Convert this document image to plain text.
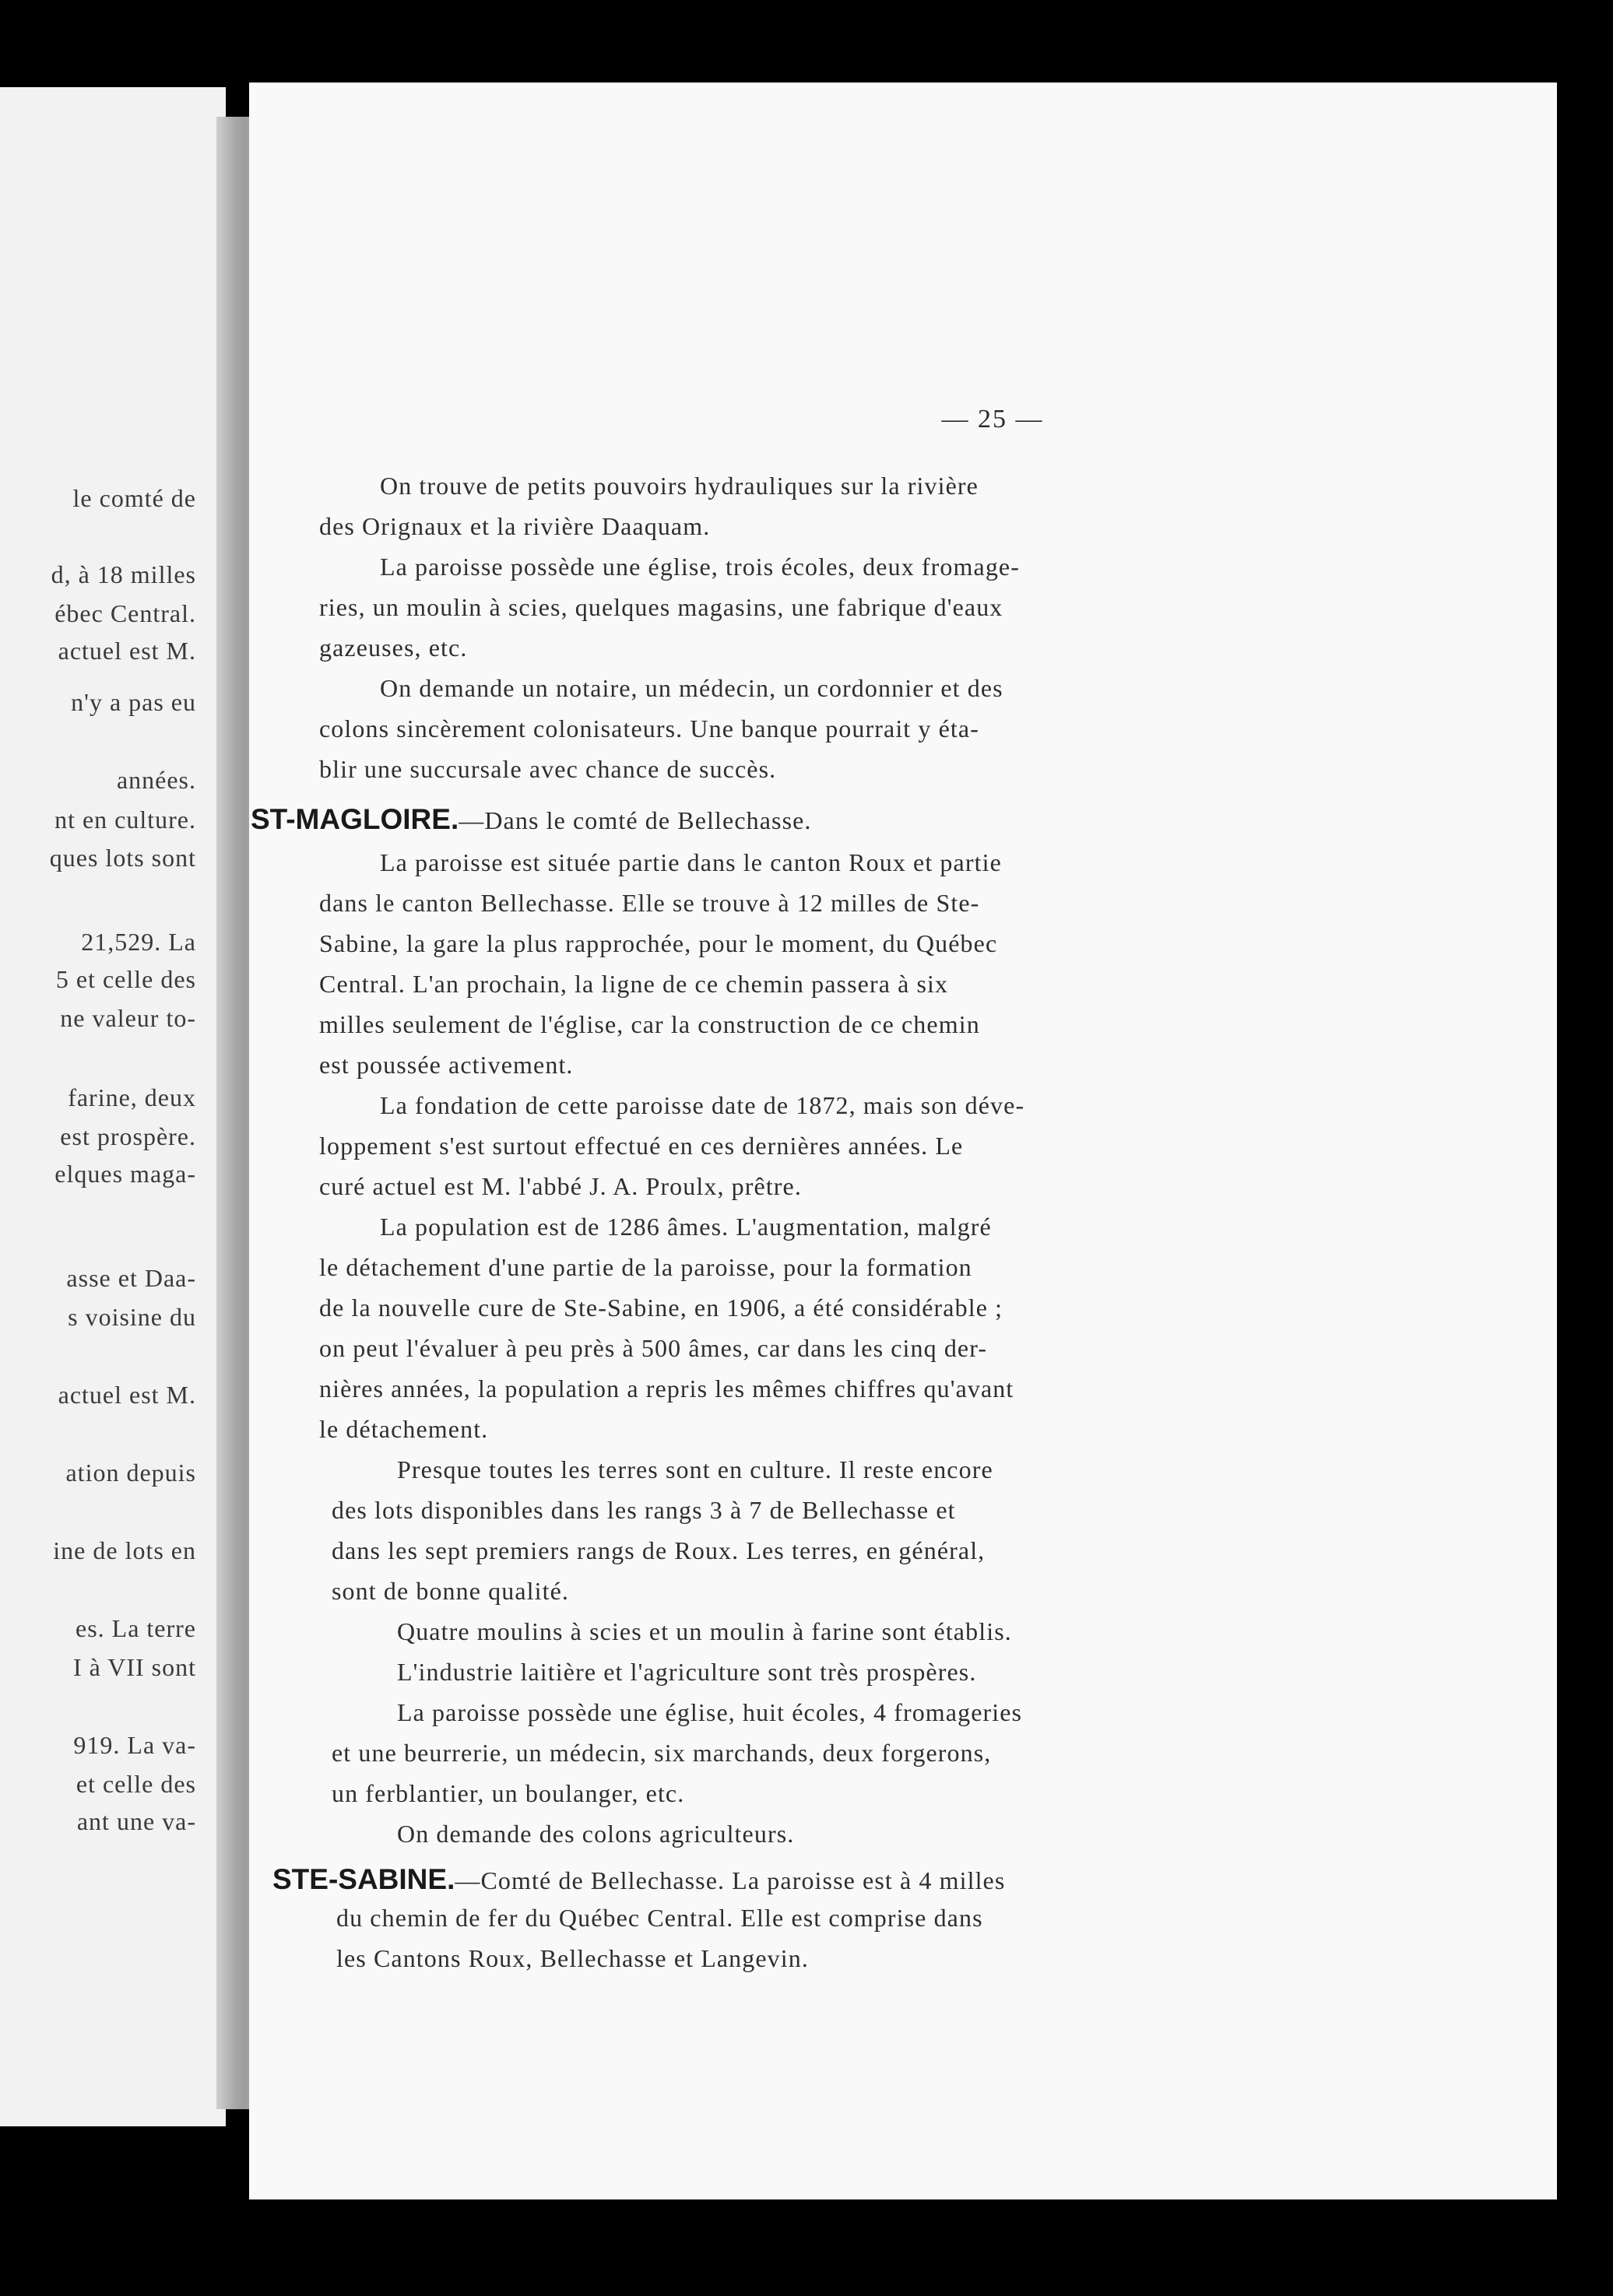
le comté de
d, à 18 milles
ébec Central.
actuel est M.
n'y a pas eu
années.
nt en culture.
ques lots sont
21,529. La
5 et celle des
ne valeur to-
farine, deux
est prospère.
elques maga-
asse et Daa-
s voisine du
actuel est M.
ation depuis
ine de lots en
es. La terre
I à VII sont
919. La va-
et celle des
ant une va-
— 25 —
On trouve de petits pouvoirs hydrauliques sur la rivière
des Orignaux et la rivière Daaquam.
La paroisse possède une église, trois écoles, deux fromage-
ries, un moulin à scies, quelques magasins, une fabrique d'eaux
gazeuses, etc.
On demande un notaire, un médecin, un cordonnier et des
colons sincèrement colonisateurs. Une banque pourrait y éta-
blir une succursale avec chance de succès.
ST-MAGLOIRE.—Dans le comté de Bellechasse.
La paroisse est située partie dans le canton Roux et partie
dans le canton Bellechasse. Elle se trouve à 12 milles de Ste-
Sabine, la gare la plus rapprochée, pour le moment, du Québec
Central. L'an prochain, la ligne de ce chemin passera à six
milles seulement de l'église, car la construction de ce chemin
est poussée activement.
La fondation de cette paroisse date de 1872, mais son déve-
loppement s'est surtout effectué en ces dernières années. Le
curé actuel est M. l'abbé J. A. Proulx, prêtre.
La population est de 1286 âmes. L'augmentation, malgré
le détachement d'une partie de la paroisse, pour la formation
de la nouvelle cure de Ste-Sabine, en 1906, a été considérable ;
on peut l'évaluer à peu près à 500 âmes, car dans les cinq der-
nières années, la population a repris les mêmes chiffres qu'avant
le détachement.
Presque toutes les terres sont en culture. Il reste encore
des lots disponibles dans les rangs 3 à 7 de Bellechasse et
dans les sept premiers rangs de Roux. Les terres, en général,
sont de bonne qualité.
Quatre moulins à scies et un moulin à farine sont établis.
L'industrie laitière et l'agriculture sont très prospères.
La paroisse possède une église, huit écoles, 4 fromageries
et une beurrerie, un médecin, six marchands, deux forgerons,
un ferblantier, un boulanger, etc.
On demande des colons agriculteurs.
STE-SABINE.—Comté de Bellechasse. La paroisse est à 4 milles
du chemin de fer du Québec Central. Elle est comprise dans
les Cantons Roux, Bellechasse et Langevin.
